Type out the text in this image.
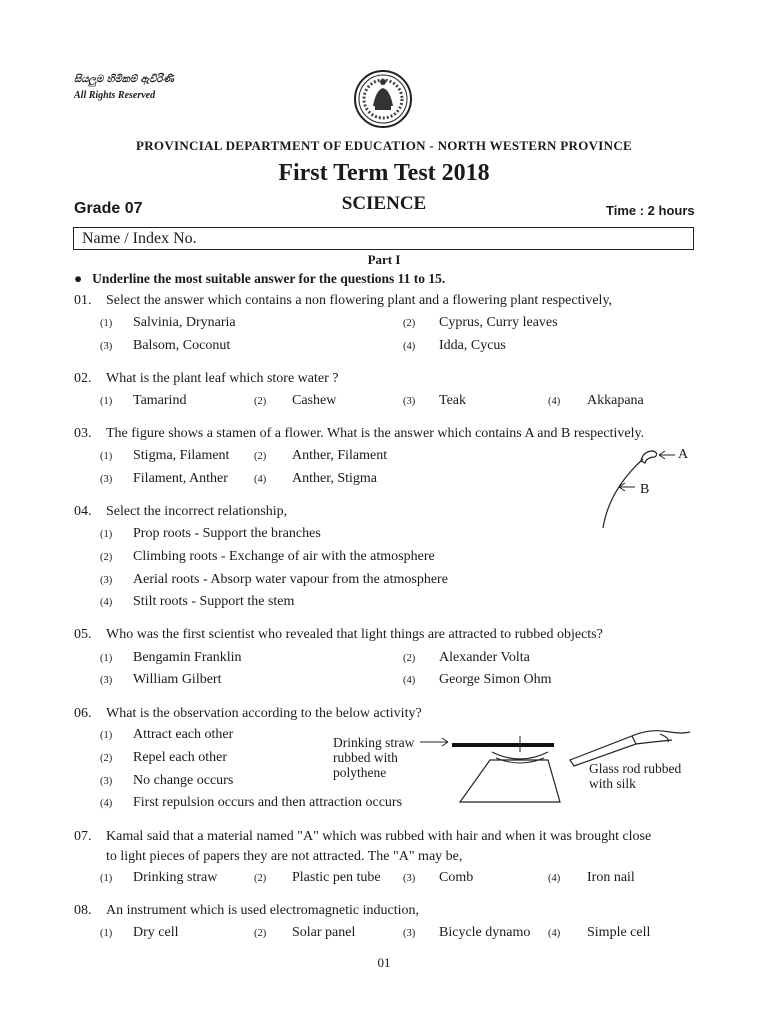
සියලුම හිමිකම් ඇවිරිණි
All Rights Reserved
PROVINCIAL DEPARTMENT OF EDUCATION - NORTH WESTERN PROVINCE
First Term Test 2018
Grade 07	SCIENCE	Time : 2 hours
Name / Index No.
Part I
● Underline the most suitable answer for the questions 11 to 15.
01. Select the answer which contains a non flowering plant and a flowering plant respectively,
(1) Salvinia, Drynaria	(2) Cyprus, Curry leaves
(3) Balsom, Coconut	(4) Idda, Cycus
02. What is the plant leaf which store water ?
(1) Tamarind	(2) Cashew	(3) Teak	(4) Akkapana
03. The figure shows a stamen of a flower. What is the answer which contains A and B respectively.
(1) Stigma, Filament (2) Anther, Filament
(3) Filament, Anther (4) Anther, Stigma
A
B
04. Select the incorrect relationship,
(1) Prop roots - Support the branches
(2) Climbing roots - Exchange of air with the atmosphere
(3) Aerial roots - Absorp water vapour from the atmosphere
(4) Stilt roots - Support the stem
05. Who was the first scientist who revealed that light things are attracted to rubbed objects?
(1) Bengamin Franklin	(2) Alexander Volta
(3) William Gilbert	(4) George Simon Ohm
06. What is the observation according to the below activity?
(1) Attract each other
(2) Repel each other
(3) No change occurs
(4) First repulsion occurs and then attraction occurs
Drinking straw rubbed with polythene	Glass rod rubbed with silk
07. Kamal said that a material named "A" which was rubbed with hair and when it was brought close
to light pieces of papers they are not attracted. The "A" may be,
(1) Drinking straw	(2) Plastic pen tube (3) Comb	(4) Iron nail
08. An instrument which is used electromagnetic induction,
(1) Dry cell	(2) Solar panel	(3) Bicycle dynamo (4) Simple cell
01
